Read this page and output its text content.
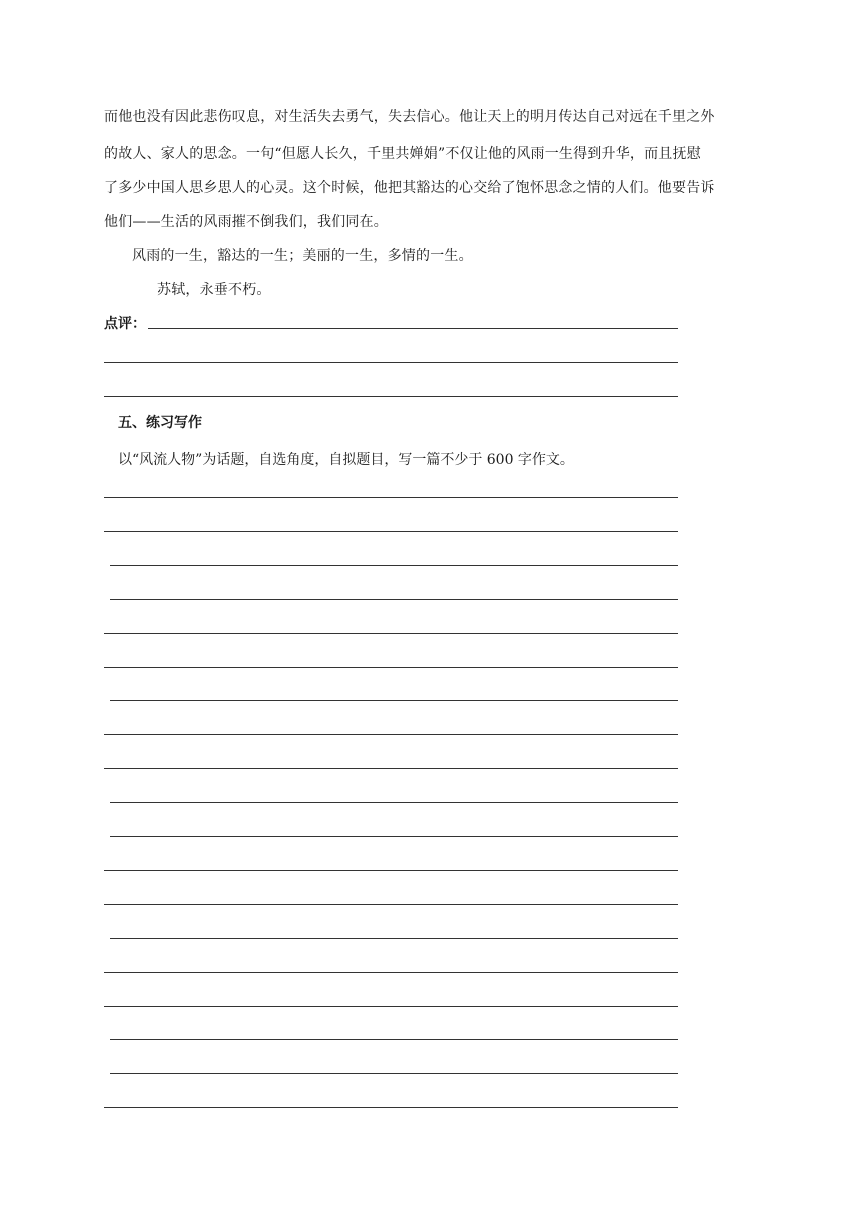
而他也没有因此悲伤叹息，对生活失去勇气，失去信心。他让天上的明月传达自己对远在千里之外
的故人、家人的思念。一句“但愿人长久，千里共婵娟”不仅让他的风雨一生得到升华，而且抚慰
了多少中国人思乡思人的心灵。这个时候，他把其豁达的心交给了饱怀思念之情的人们。他要告诉
他们——生活的风雨摧不倒我们，我们同在。
风雨的一生，豁达的一生；美丽的一生，多情的一生。
苏轼，永垂不朽。
点评：
五、练习写作
以“风流人物”为话题，自选角度，自拟题目，写一篇不少于 600 字作文。
